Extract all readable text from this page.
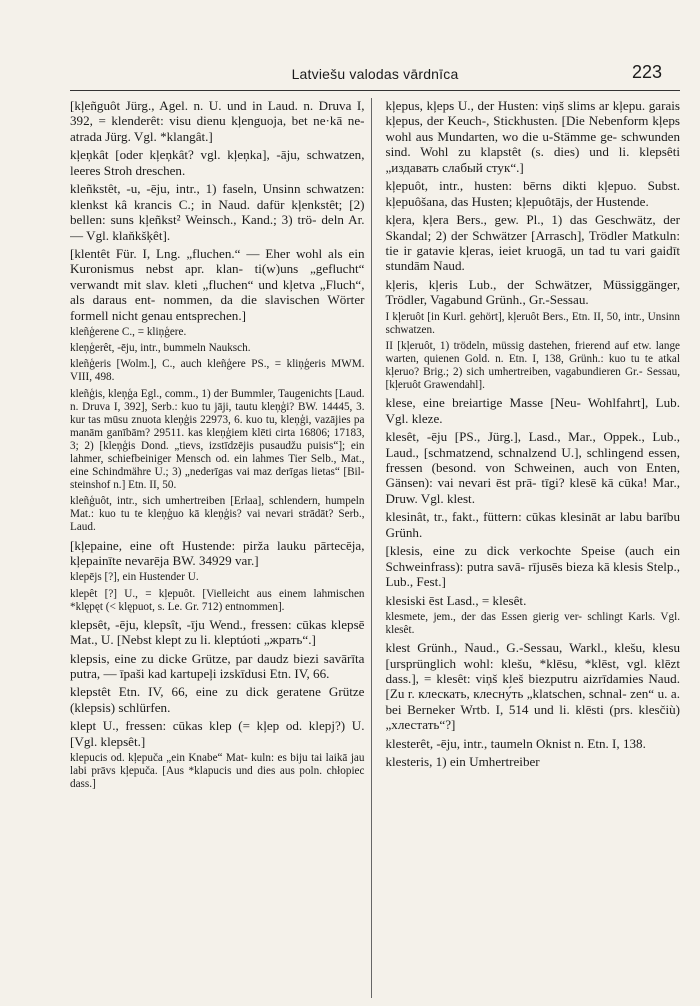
Latviešu valodas vārdnīca	223

[kļeñguôt Jürg., Agel. n. U. und in Laud. n. Druva I, 392, = klenderêt: visu dienu kļenguoja, bet ne·kā ne- atrada Jürg. Vgl. *klangât.]

kļeņkât [oder kļeņkât? vgl. kļeņka], -āju, schwatzen, leeres Stroh dreschen.

kleñkstêt, -u, -ēju, intr., 1) faseln, Unsinn schwatzen: klenkst kâ krancis C.; in Naud. dafür kļenkstêt; [2) bellen: suns kļeñkst² Weinsch., Kand.; 3) trö- deln Ar. — Vgl. klaňkšķêt].

[klentêt Für. I, Lng. „fluchen.“ — Eher wohl als ein Kuronismus nebst apr. klan- ti(w)uns „geflucht“ verwandt mit slav. kleti „fluchen“ und kļetva „Fluch“, als daraus ent- nommen, da die slavischen Wörter formell nicht genau entsprechen.]

kleñģerene C., = kliņģere.

kleņģerêt, -ēju, intr., bummeln Nauksch.

kleñģeris [Wolm.], C., auch kleñģere PS., = kliņģeris MWM. VIII, 498.

kleñģis, kleņģa Egl., comm., 1) der Bummler, Taugenichts [Laud. n. Druva I, 392], Serb.: kuo tu jāji, tautu kleņģi? BW. 14445, 3. kur tas mūsu znuota kleņģis 22973, 6. kuo tu, kleņģi, vazājies pa manām ganībām? 29511. kas kleņģiem klēti cirta 16806; 17183, 3; 2) [kleņģis Dond. „tievs, izstīdzējis pusaudžu puisis“]; ein lahmer, schiefbeiniger Mensch od. ein lahmes Tier Selb., Mat., eine Schindmähre U.; 3) „nederīgas vai maz derīgas lietas“ [Bil- steinshof n.] Etn. II, 50.

kleñģuôt, intr., sich umhertreiben [Erlaa], schlendern, humpeln Mat.: kuo tu te kleņģuo kā kleņģis? vai nevari strādāt? Serb., Laud.

[kļepaine, eine oft Hustende: pirža lauku pārtecēja, kļepainīte nevarēja BW. 34929 var.]

klepējs [?], ein Hustender U.

klepêt [?] U., = kļepuôt. [Vielleicht aus einem lahmischen *klępęt (< klępuot, s. Le. Gr. 712) entnommen].

klepsêt, -ēju, klepsît, -īju Wend., fressen: cūkas klepsē Mat., U. [Nebst klept zu li. kleptúoti „жрать“.]

klepsis, eine zu dicke Grütze, par daudz biezi savārīta putra, — īpaši kad kartupeļi izskīdusi Etn. IV, 66.

klepstêt Etn. IV, 66, eine zu dick geratene Grütze (klepsis) schlürfen.

klept U., fressen: cūkas klep (= kļep od. klepj?) U. [Vgl. klepsêt.]

klepucis od. kļepuča „ein Knabe“ Mat- kuln: es biju tai laikā jau labi prāvs kļepuča. [Aus *klapucis und dies aus poln. chłopiec dass.]

kļepus, kļeps U., der Husten: viņš slims ar kļepu. garais kļepus, der Keuch-, Stickhusten. [Die Nebenform kļeps wohl aus Mundarten, wo die u-Stämme ge- schwunden sind. Wohl zu klapstêt (s. dies) und li. klepsêti „издавать слабый стук“.]

kļepuôt, intr., husten: bērns dikti kļepuo. Subst. kļepuôšana, das Husten; kļepuôtājs, der Hustende.

kļera, kļera Bers., gew. Pl., 1) das Geschwätz, der Skandal; 2) der Schwätzer [Arrasch], Trödler Matkuln: tie ir gatavie kļeras, ieiet kruogā, un tad tu vari gaidīt stundām Naud.

kļeris, kļeris Lub., der Schwätzer, Müssiggänger, Trödler, Vagabund Grünh., Gr.-Sessau.

I kļeruôt [in Kurl. gehört], kļeruôt Bers., Etn. II, 50, intr., Unsinn schwatzen.

II [kļeruôt, 1) trödeln, müssig dastehen, frierend auf etw. lange warten, quienen Gold. n. Etn. I, 138, Grünh.: kuo tu te atkal kļeruo? Brig.; 2) sich umhertreiben, vagabundieren Gr.- Sessau, [kļeruôt Grawendahl].

klese, eine breiartige Masse [Neu- Wohlfahrt], Lub. Vgl. kleze.

klesêt, -ēju [PS., Jürg.], Lasd., Mar., Oppek., Lub., Laud., [schmatzend, schnalzend U.], schlingend essen, fressen (besond. von Schweinen, auch von Enten, Gänsen): vai nevari ēst prā- tīgi? klesē kā cūka! Mar., Druw. Vgl. klest.

klesinât, tr., fakt., füttern: cūkas klesināt ar labu barību Grünh.

[klesis, eine zu dick verkochte Speise (auch ein Schweinfrass): putra savā- rījusēs bieza kā klesis Stelp., Lub., Fest.]

klesiski ēst Lasd., = klesêt.

klesmete, jem., der das Essen gierig ver- schlingt Karls. Vgl. klesêt.

klest Grünh., Naud., G.-Sessau, Warkl., klešu, klesu [ursprünglich wohl: klešu, *klēsu, *klēst, vgl. klēzt dass.], = klesêt: viņš kleš biezputru aizrīdamies Naud. [Zu r. клескать, клесну́ть „klatschen, schnal- zen“ u. a. bei Berneker Wrtb. I, 514 und li. klēsti (prs. klesčiù) „хлестать“?]

klesterêt, -ēju, intr., taumeln Oknist n. Etn. I, 138.

klesteris, 1) ein Umhertreiber
